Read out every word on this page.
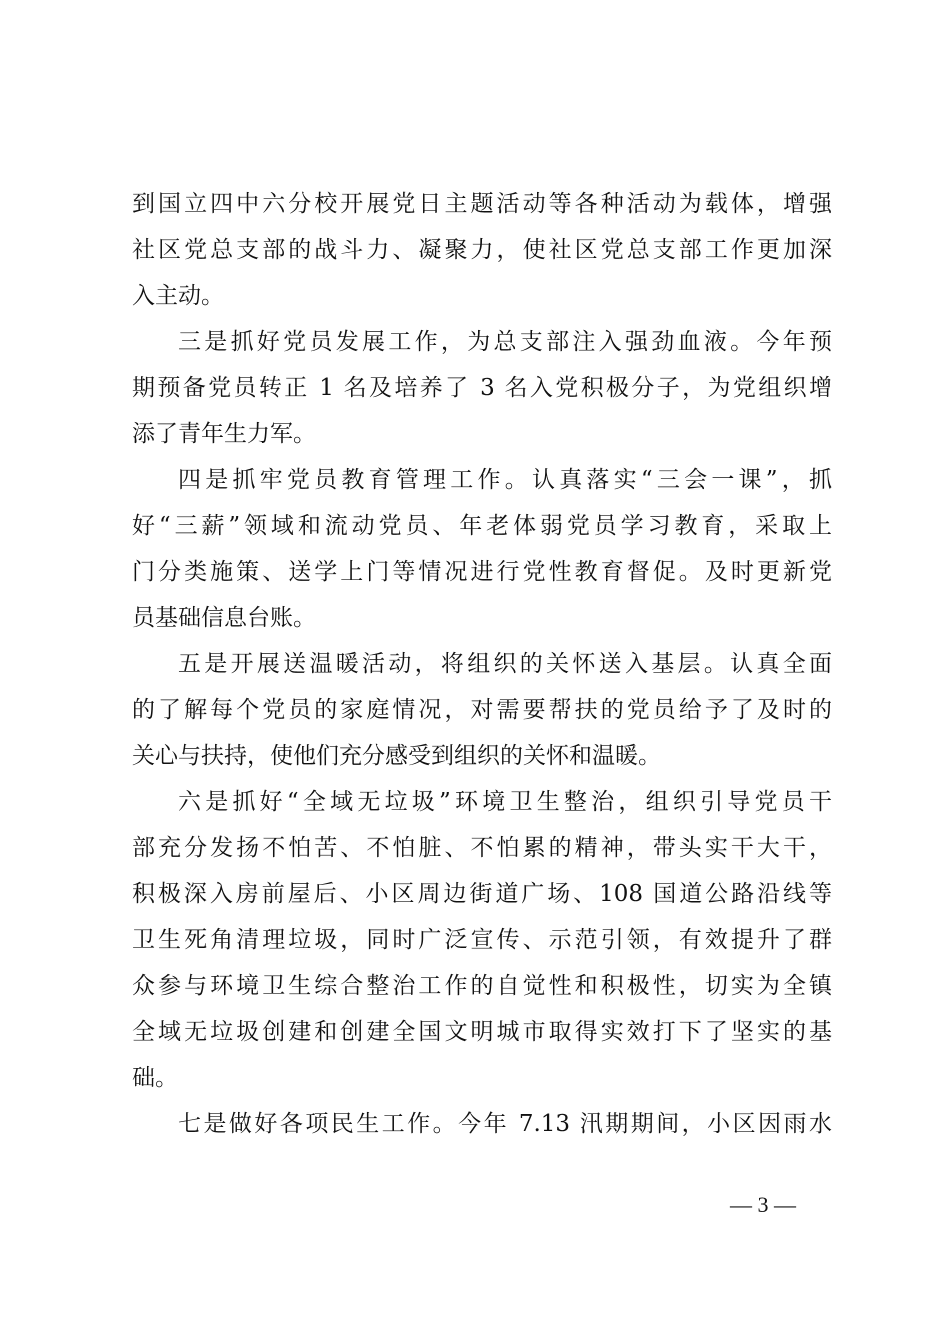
到国立四中六分校开展党日主题活动等各种活动为载体，增强
社区党总支部的战斗力、凝聚力，使社区党总支部工作更加深
入主动。
三是抓好党员发展工作，为总支部注入强劲血液。今年预
期预备党员转正 1 名及培养了 3 名入党积极分子，为党组织增
添了青年生力军。
四是抓牢党员教育管理工作。认真落实“三会一课”，抓
好“三薪”领域和流动党员、年老体弱党员学习教育，采取上
门分类施策、送学上门等情况进行党性教育督促。及时更新党
员基础信息台账。
五是开展送温暖活动，将组织的关怀送入基层。认真全面
的了解每个党员的家庭情况，对需要帮扶的党员给予了及时的
关心与扶持，使他们充分感受到组织的关怀和温暖。
六是抓好“全域无垃圾”环境卫生整治，组织引导党员干
部充分发扬不怕苦、不怕脏、不怕累的精神，带头实干大干，
积极深入房前屋后、小区周边街道广场、108 国道公路沿线等
卫生死角清理垃圾，同时广泛宣传、示范引领，有效提升了群
众参与环境卫生综合整治工作的自觉性和积极性，切实为全镇
全域无垃圾创建和创建全国文明城市取得实效打下了坚实的基
础。
七是做好各项民生工作。今年 7.13 汛期期间，小区因雨水
— 3 —
